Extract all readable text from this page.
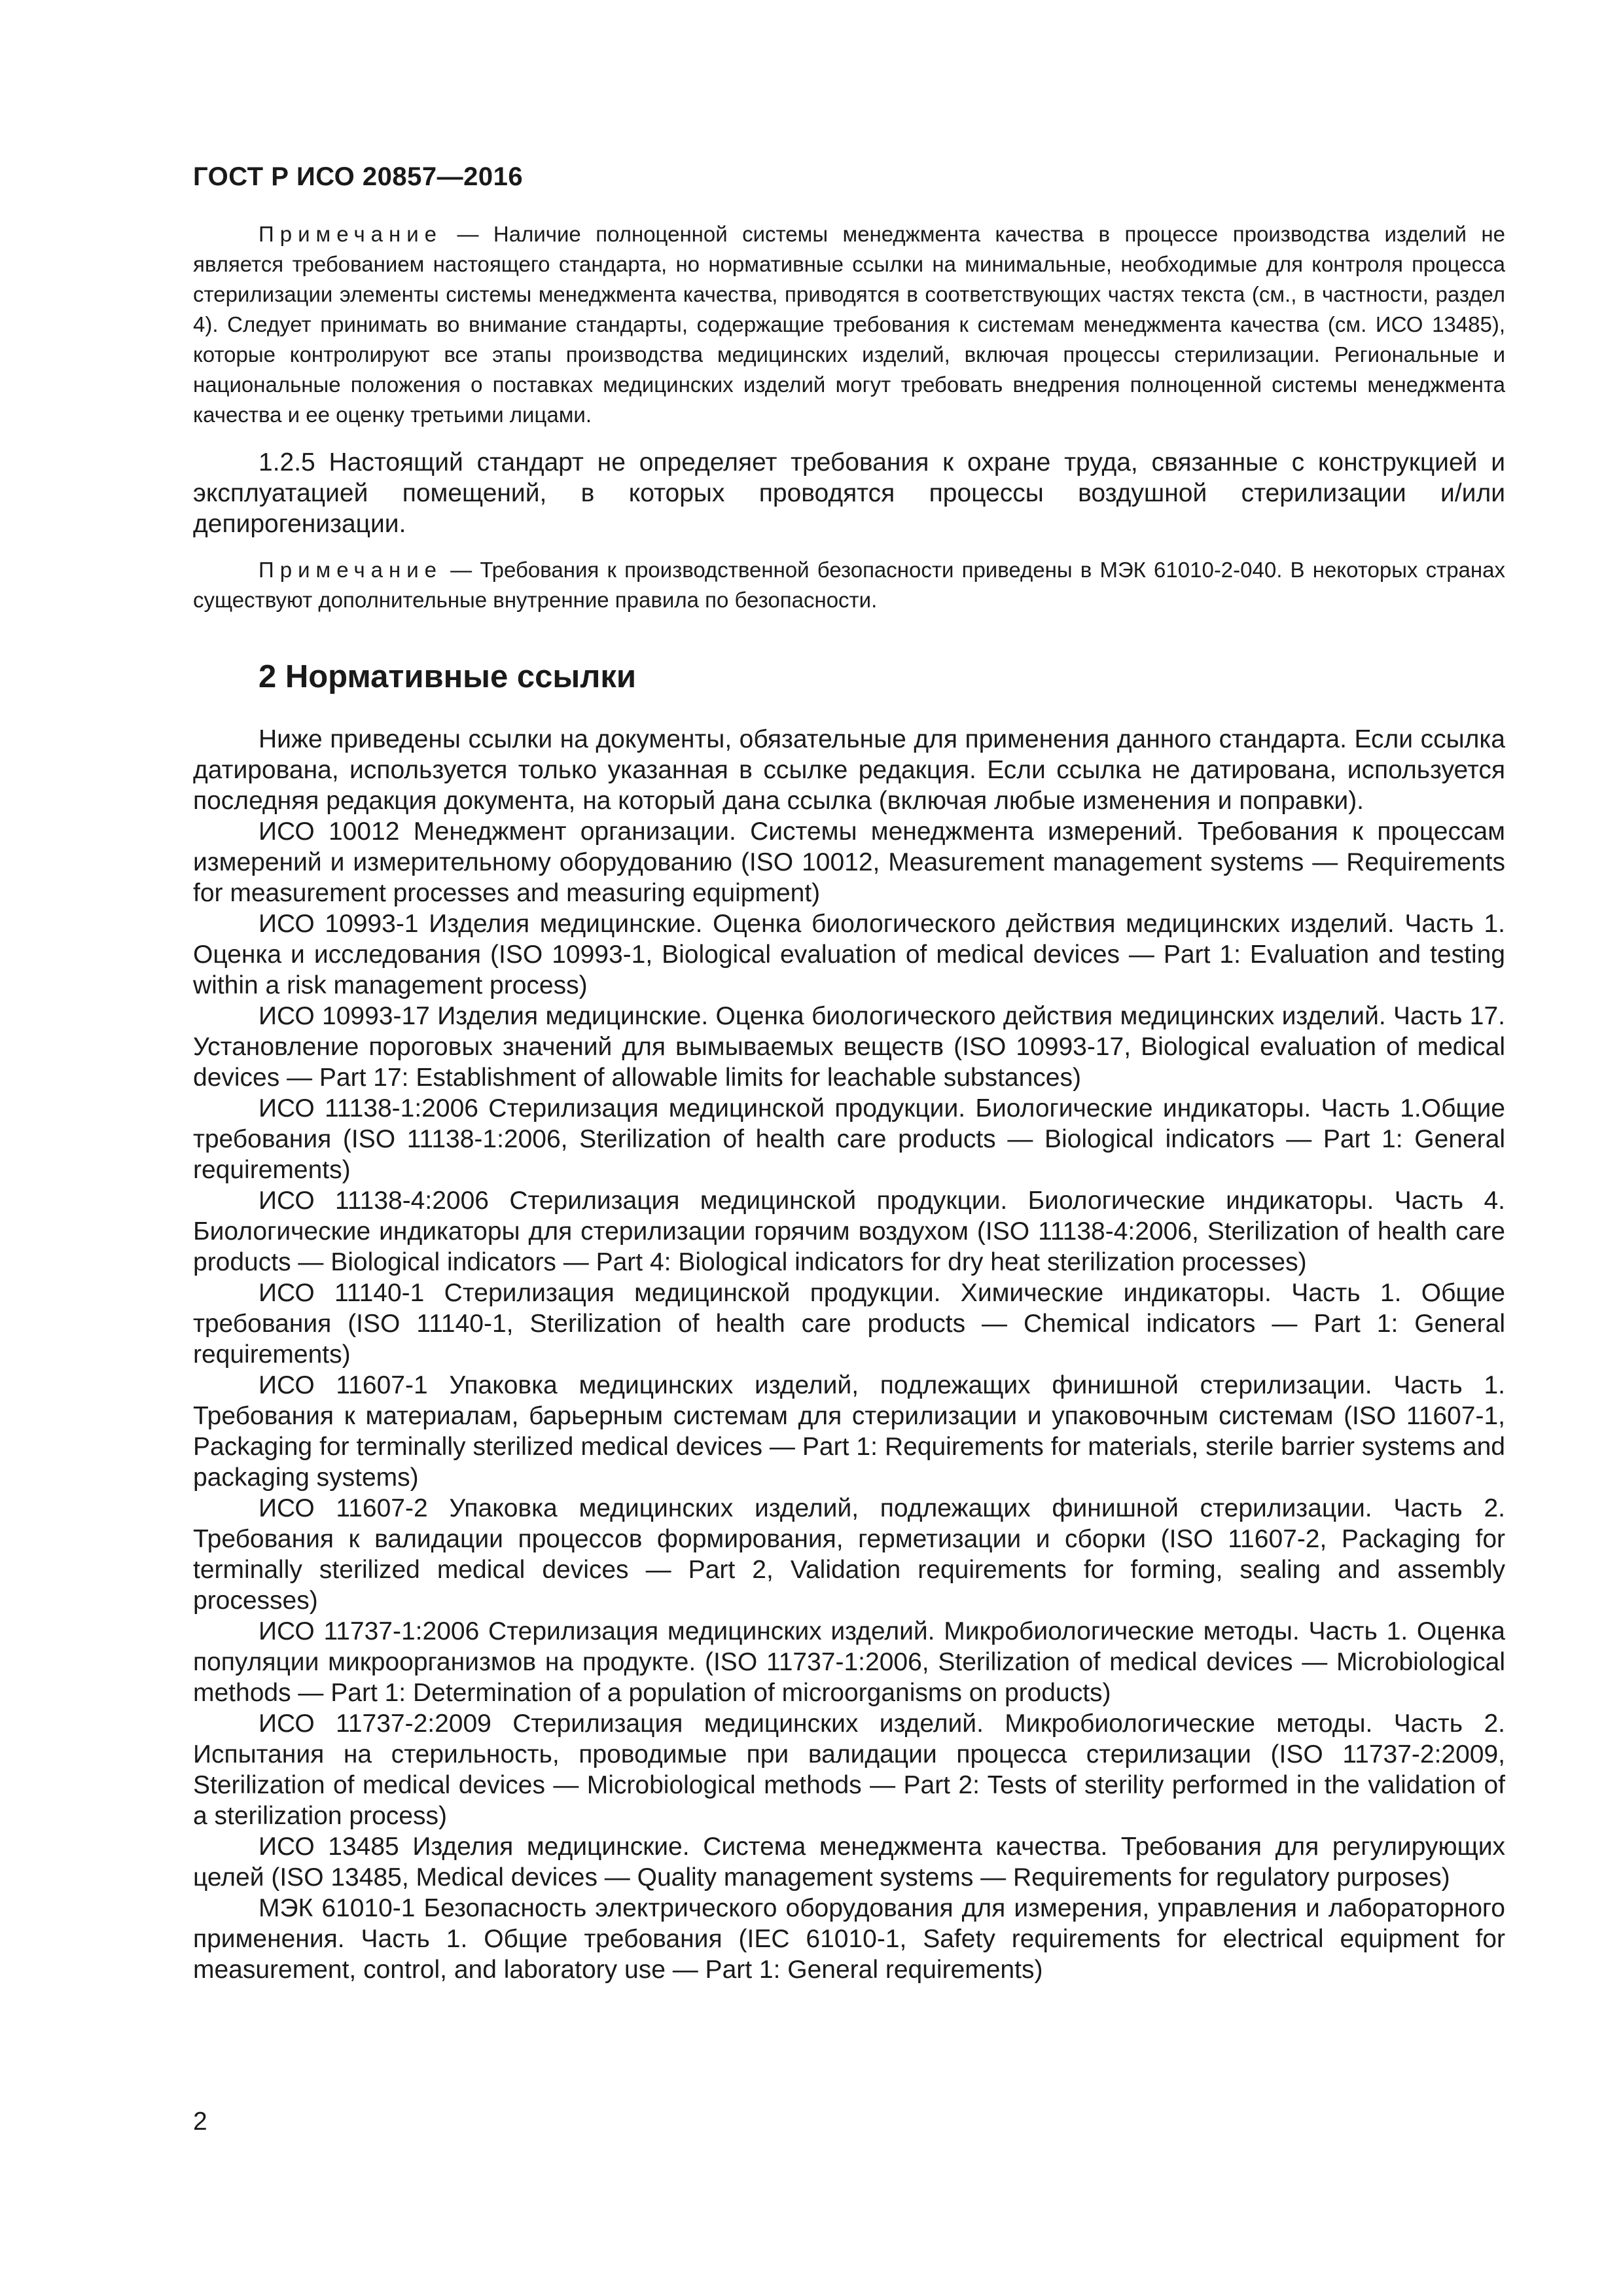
ГОСТ Р ИСО 20857—2016

Примечание — Наличие полноценной системы менеджмента качества в процессе производства изделий не является требованием настоящего стандарта, но нормативные ссылки на минимальные, необходимые для контроля процесса стерилизации элементы системы менеджмента качества, приводятся в соответствующих частях текста (см., в частности, раздел 4). Следует принимать во внимание стандарты, содержащие требования к системам менеджмента качества (см. ИСО 13485), которые контролируют все этапы производства медицинских изделий, включая процессы стерилизации. Региональные и национальные положения о поставках медицинских изделий могут требовать внедрения полноценной системы менеджмента качества и ее оценку третьими лицами.

1.2.5 Настоящий стандарт не определяет требования к охране труда, связанные с конструкцией и эксплуатацией помещений, в которых проводятся процессы воздушной стерилизации и/или депирогенизации.

Примечание — Требования к производственной безопасности приведены в МЭК 61010-2-040. В некоторых странах существуют дополнительные внутренние правила по безопасности.

2 Нормативные ссылки

Ниже приведены ссылки на документы, обязательные для применения данного стандарта. Если ссылка датирована, используется только указанная в ссылке редакция. Если ссылка не датирована, используется последняя редакция документа, на который дана ссылка (включая любые изменения и поправки).

ИСО 10012 Менеджмент организации. Системы менеджмента измерений. Требования к процессам измерений и измерительному оборудованию (ISO 10012, Measurement management systems — Requirements for measurement processes and measuring equipment)

ИСО 10993-1 Изделия медицинские. Оценка биологического действия медицинских изделий. Часть 1. Оценка и исследования (ISO 10993-1, Biological evaluation of medical devices — Part 1: Evaluation and testing within a risk management process)

ИСО 10993-17 Изделия медицинские. Оценка биологического действия медицинских изделий. Часть 17. Установление пороговых значений для вымываемых веществ (ISO 10993-17, Biological evaluation of medical devices — Part 17: Establishment of allowable limits for leachable substances)

ИСО 11138-1:2006 Стерилизация медицинской продукции. Биологические индикаторы. Часть 1.Общие требования (ISO 11138-1:2006, Sterilization of health care products — Biological indicators — Part 1: General requirements)

ИСО 11138-4:2006 Стерилизация медицинской продукции. Биологические индикаторы. Часть 4. Биологические индикаторы для стерилизации горячим воздухом (ISO 11138-4:2006, Sterilization of health care products — Biological indicators — Part 4: Biological indicators for dry heat sterilization processes)

ИСО 11140-1 Стерилизация медицинской продукции. Химические индикаторы. Часть 1. Общие требования (ISO 11140-1, Sterilization of health care products — Chemical indicators — Part 1: General requirements)

ИСО 11607-1 Упаковка медицинских изделий, подлежащих финишной стерилизации. Часть 1. Требования к материалам, барьерным системам для стерилизации и упаковочным системам (ISO 11607-1, Packaging for terminally sterilized medical devices — Part 1: Requirements for materials, sterile barrier systems and packaging systems)

ИСО 11607-2 Упаковка медицинских изделий, подлежащих финишной стерилизации. Часть 2. Требования к валидации процессов формирования, герметизации и сборки (ISO 11607-2, Packaging for terminally sterilized medical devices — Part 2, Validation requirements for forming, sealing and assembly processes)

ИСО 11737-1:2006 Стерилизация медицинских изделий. Микробиологические методы. Часть 1. Оценка популяции микроорганизмов на продукте. (ISO 11737-1:2006, Sterilization of medical devices — Microbiological methods — Part 1: Determination of a population of microorganisms on products)

ИСО 11737-2:2009 Стерилизация медицинских изделий. Микробиологические методы. Часть 2. Испытания на стерильность, проводимые при валидации процесса стерилизации (ISO 11737-2:2009, Sterilization of medical devices — Microbiological methods — Part 2: Tests of sterility performed in the validation of a sterilization process)

ИСО 13485 Изделия медицинские. Система менеджмента качества. Требования для регулирующих целей (ISO 13485, Medical devices — Quality management systems — Requirements for regulatory purposes)

МЭК 61010-1 Безопасность электрического оборудования для измерения, управления и лабораторного применения. Часть 1. Общие требования (IEC 61010-1, Safety requirements for electrical equipment for measurement, control, and laboratory use — Part 1: General requirements)

2
